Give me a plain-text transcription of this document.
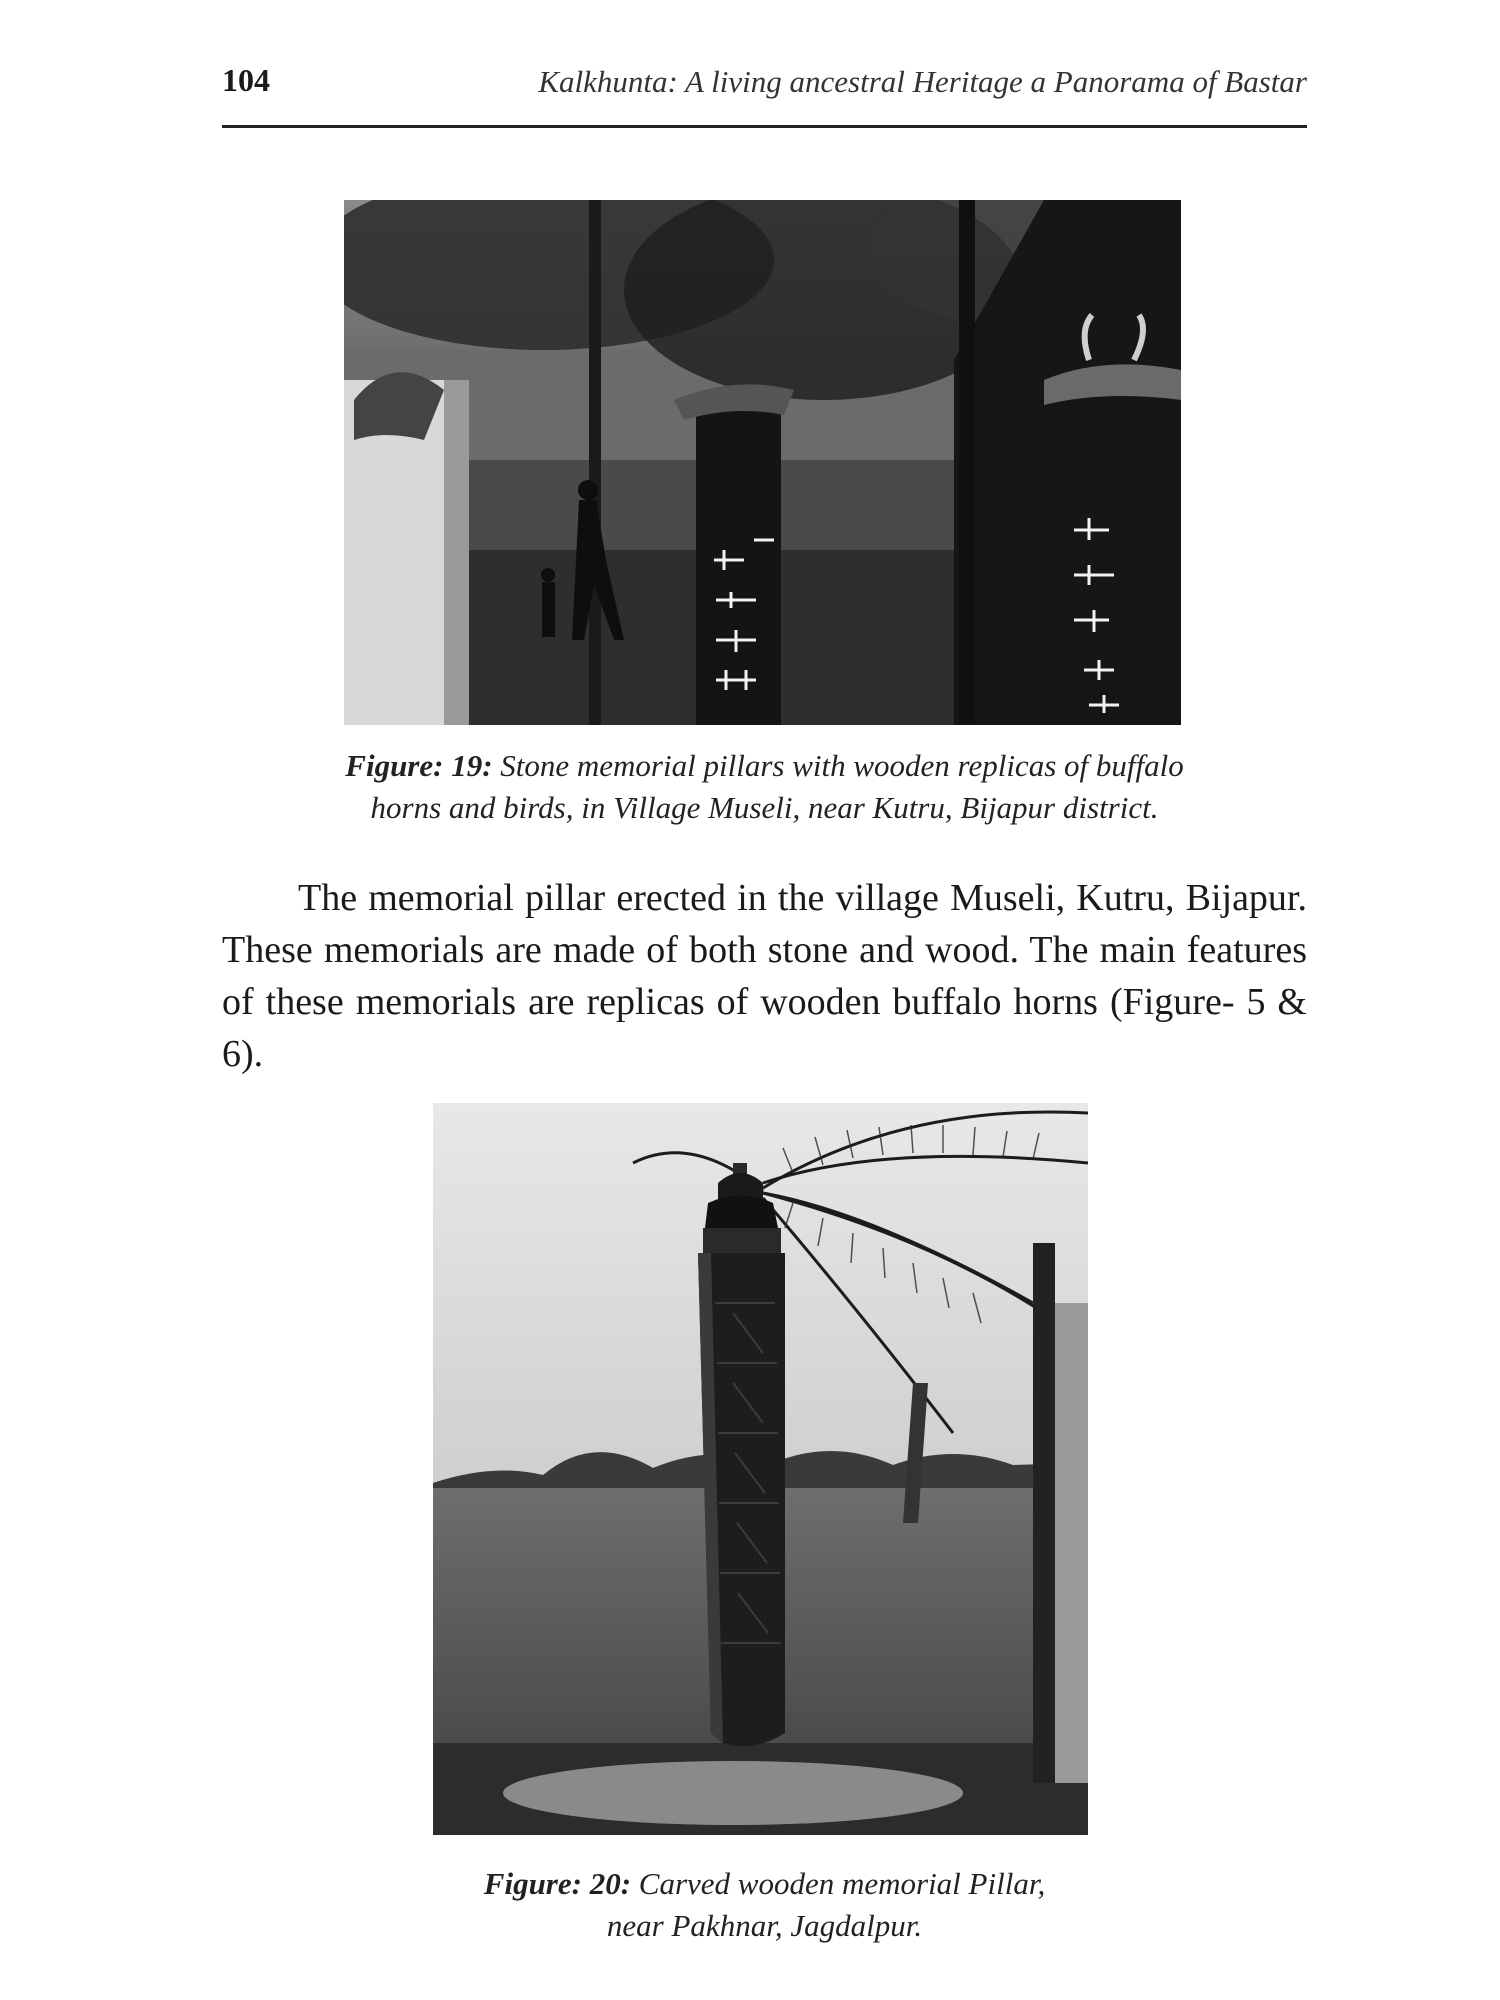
104	Kalkhunta: A living ancestral Heritage a Panorama of Bastar
Figure: 19: Stone memorial pillars with wooden replicas of buffalo
horns and birds, in Village Museli, near Kutru, Bijapur district.

The memorial pillar erected in the village Museli, Kutru, Bijapur. These memorials are made of both stone and wood. The main features of these memorials are replicas of wooden buffalo horns (Figure- 5 & 6).

Figure: 20: Carved wooden memorial Pillar,
near Pakhnar, Jagdalpur.
